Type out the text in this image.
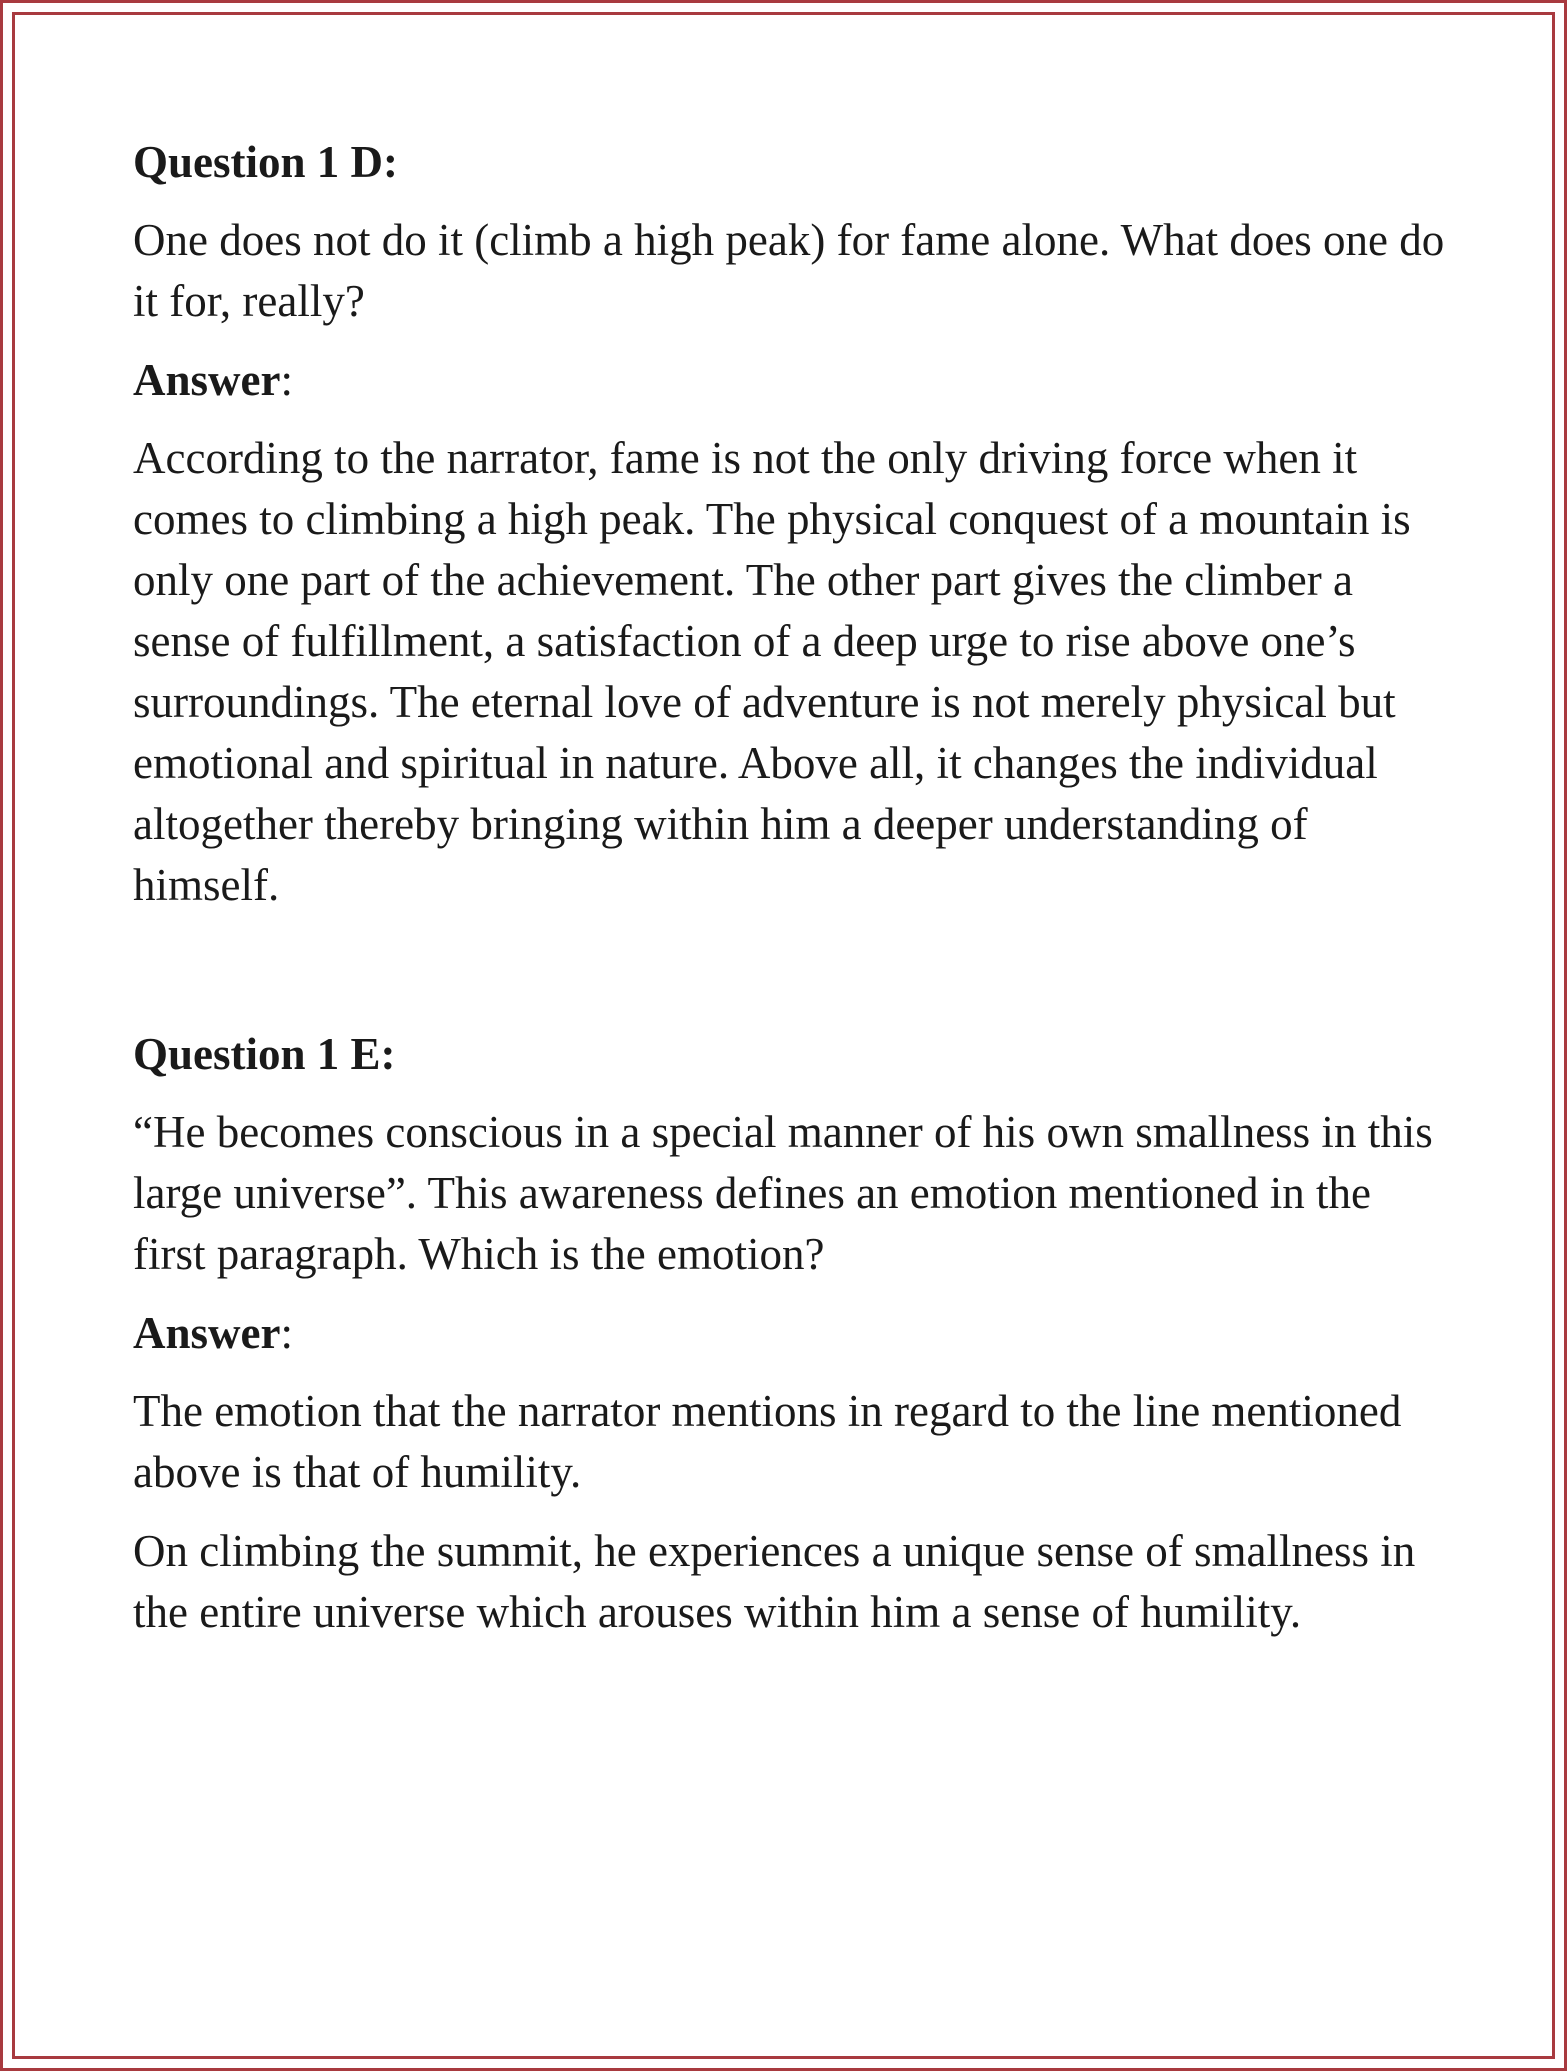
Question 1 D:
One does not do it (climb a high peak) for fame alone. What does one do it for, really?
Answer:
According to the narrator, fame is not the only driving force when it comes to climbing a high peak. The physical conquest of a mountain is only one part of the achievement. The other part gives the climber a sense of fulfillment, a satisfaction of a deep urge to rise above one’s surroundings. The eternal love of adventure is not merely physical but emotional and spiritual in nature. Above all, it changes the individual altogether thereby bringing within him a deeper understanding of himself.
Question 1 E:
“He becomes conscious in a special manner of his own smallness in this large universe”. This awareness defines an emotion mentioned in the first paragraph. Which is the emotion?
Answer:
The emotion that the narrator mentions in regard to the line mentioned above is that of humility.
On climbing the summit, he experiences a unique sense of smallness in the entire universe which arouses within him a sense of humility.
